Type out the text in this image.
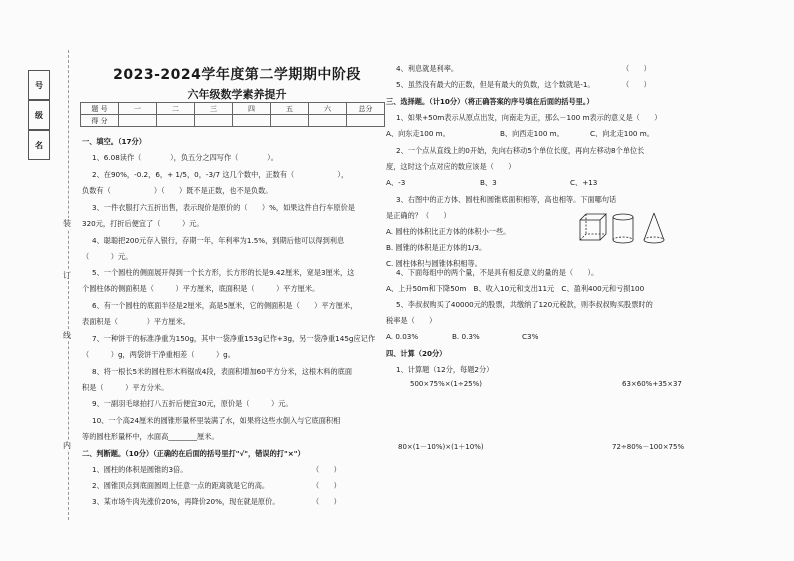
号
级
名
装
订
线
内
2023-2024学年度第二学期期中阶段
六年级数学素养提升
题 号	一	二	三	四	五	六	总分
得 分							
一、填空。（17分）
1、6.08读作（　　　　），负五分之四写作（　　　　）。
2、在90%，-0.2，6，+ 1/5，0，-3/7 这几个数中，正数有（　　　　　　），
负数有（　　　　　　）（　　）既不是正数，也不是负数。
3、一件衣服打六五折出售，表示现价是原价的（　　）%，如果这件自行车原价是
320元，打折后便宜了（　　　）元。
4、聪聪把200元存入银行，存期一年，年利率为1.5%，到期后他可以得到利息
（　　　）元。
5、一个圆柱的侧面展开得到一个长方形，长方形的长是9.42厘米，宽是3厘米，这
个圆柱体的侧面积是（　　　）平方厘米，底面积是（　　　）平方厘米。
6、有一个圆柱的底面半径是2厘米，高是5厘米，它的侧面积是（　　）平方厘米，
表面积是（　　　　）平方厘米。
7、一种饼干的标准净重为150g，其中一袋净重153g记作+3g，另一袋净重145g应记作
（　　　）g，两袋饼干净重相差（　　　）g。
8、将一根长5米的圆柱形木料锯成4段，表面积增加60平方分米，这根木料的底面
积是（　　　）平方分米。
9、一副羽毛球拍打八五折后便宜30元，原价是（　　　）元。
10、一个高24厘米的圆锥形量杯里装满了水，如果将这些水倒入与它底面积相
等的圆柱形量杯中，水面高________厘米。
二、判断题。（10分）（正确的在后面的括号里打"√"，错误的打"×"）
1、圆柱的体积是圆锥的3倍。	（　　）
2、圆锥顶点到底面圆周上任意一点的距离就是它的高。	（　　）
3、某市场牛肉先涨价20%，再降价20%，现在就是原价。	（　　）
4、利息就是利率。	（　　）
5、虽然没有最大的正数，但是有最大的负数，这个数就是-1。	（　　）
三、选择题。（计10分）（将正确答案的序号填在后面的括号里。）
1、如果+50m表示从原点出发，向南走为正，那么－100 m表示的意义是（　　）
A、向东走100 m。	B、向西走100 m。	C、向北走100 m。
2、一个点从直线上的0开始，先向右移动5个单位长度，再向左移动8个单位长
度，这时这个点对应的数应该是（　　）
A、-3	B、3	C、+13
3、右图中的正方体、圆柱和圆锥底面积相等，高也相等。下面哪句话
是正确的？（　　）
A. 圆柱的体积比正方体的体积小一些。
B. 圆锥的体积是正方体的1/3。
C. 圆柱体积与圆锥体积相等。
4、下面每组中的两个量，不是具有相反意义的量的是（　　）。
A、上升50m和下降50m　B、收入10元和支出11元　C、盈利400元和亏损100
5、李叔叔购买了40000元的股票，共缴纳了120元税款，则李叔叔购买股票时的
税率是（　　）
A. 0.03%	B. 0.3%	C3%
四、计算（20分）
1、计算题（12分，每题2分）
500×75%×(1÷25%)	63×60%+35×37
80×(1－10%)×(1＋10%)	72÷80%－100×75%
